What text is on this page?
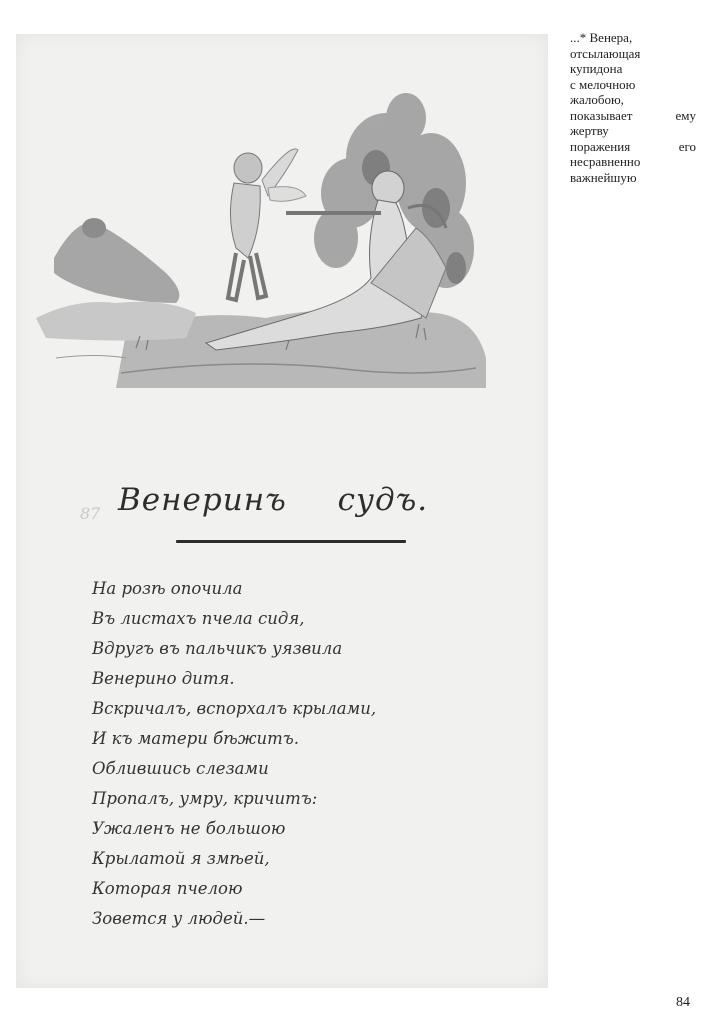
87 Венеринъ судъ.
На розѣ опочила
Въ листахъ пчела сидя,
Вдругъ въ пальчикъ уязвила
Венерино дитя.
Вскричалъ, вспорхалъ крылами,
И къ матери бѣжитъ.
Облившись слезами
Пропалъ, умру, кричитъ:
Ужаленъ не большою
Крылатой я змѣей,
Которая пчелою
Зовется у людей.—
...* Венера,
отсылающая
купидона
с мелочною
жалобою,
показывает	ему
жертву
поражения	его
несравненно
важнейшую
84
